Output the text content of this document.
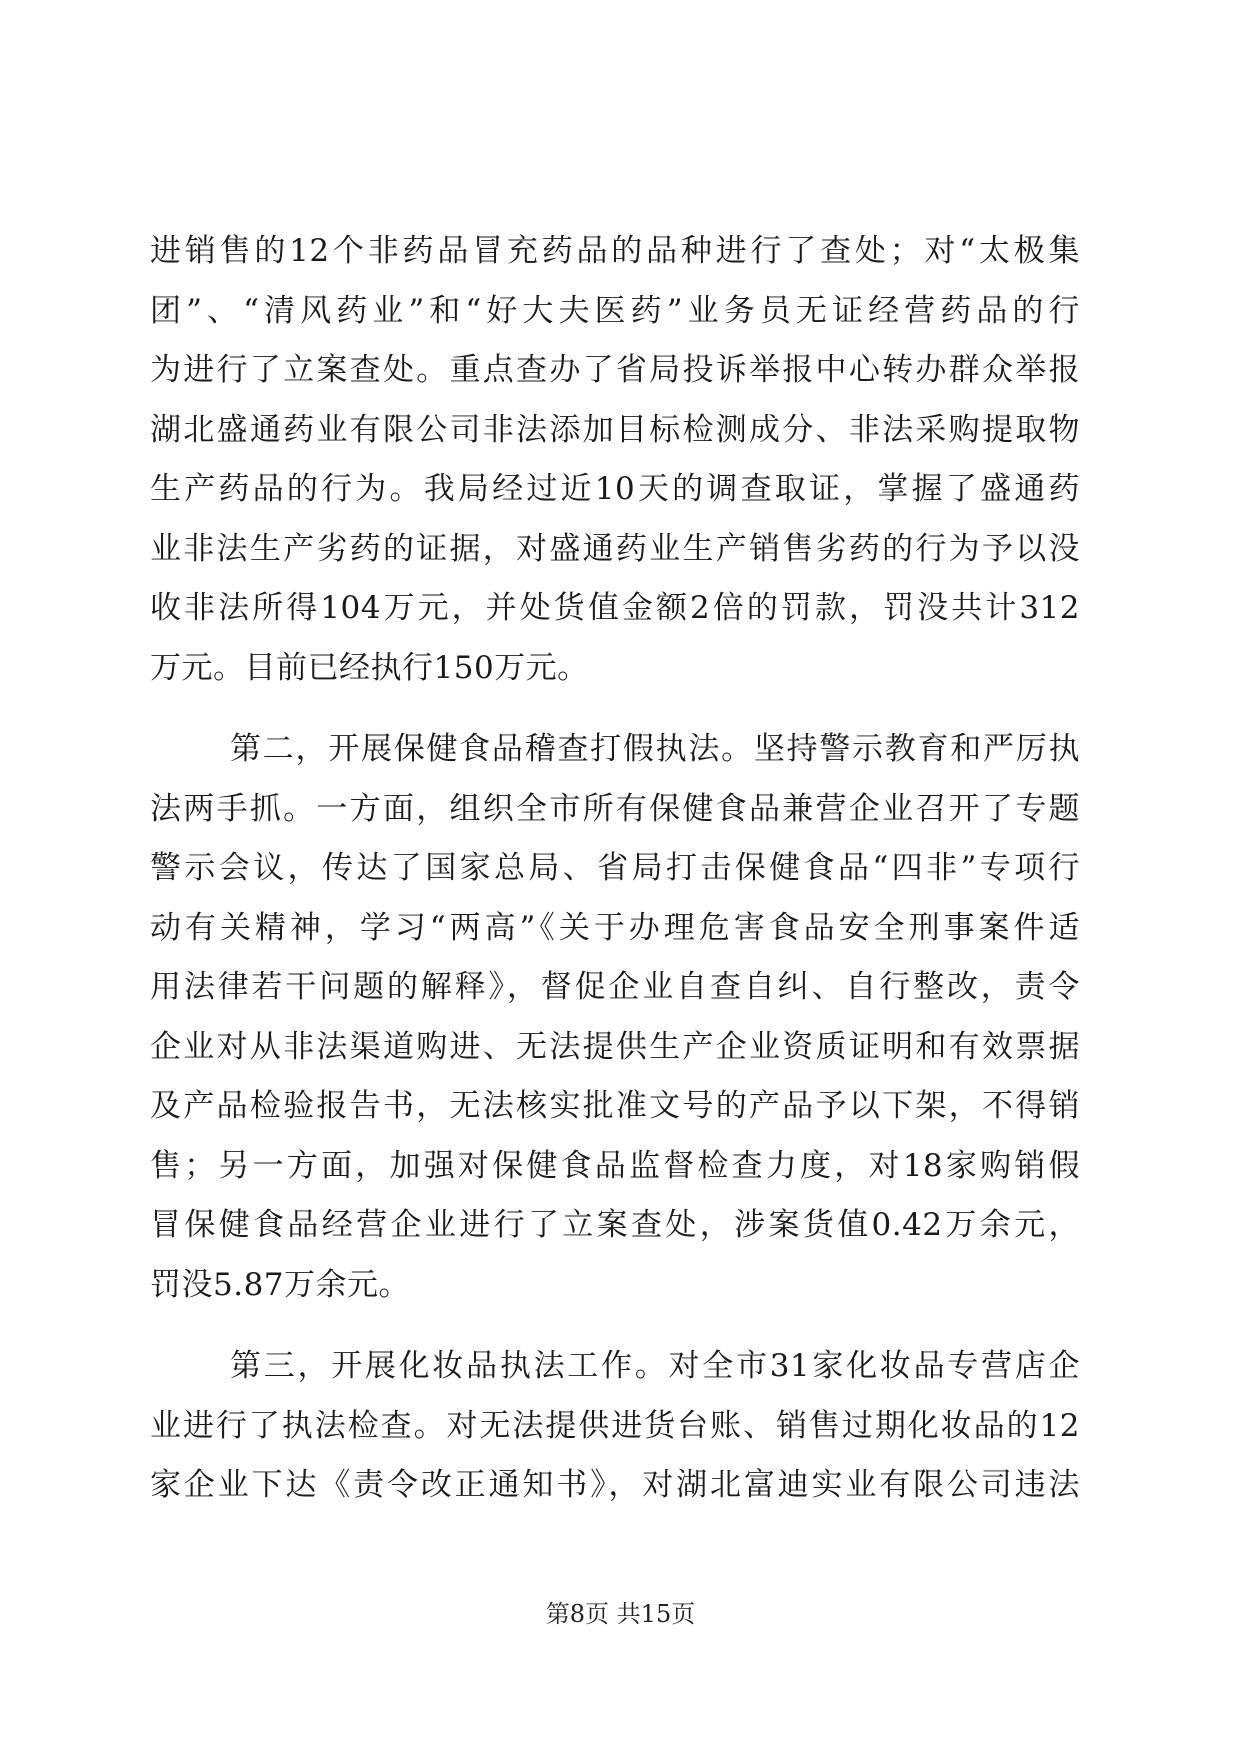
进销售的12个非药品冒充药品的品种进行了查处；对“太极集
团”、“清风药业”和“好大夫医药”业务员无证经营药品的行
为进行了立案查处。重点查办了省局投诉举报中心转办群众举报
湖北盛通药业有限公司非法添加目标检测成分、非法采购提取物
生产药品的行为。我局经过近10天的调查取证，掌握了盛通药
业非法生产劣药的证据，对盛通药业生产销售劣药的行为予以没
收非法所得104万元，并处货值金额2倍的罚款，罚没共计312
万元。目前已经执行150万元。
第二，开展保健食品稽查打假执法。坚持警示教育和严厉执
法两手抓。一方面，组织全市所有保健食品兼营企业召开了专题
警示会议，传达了国家总局、省局打击保健食品“四非”专项行
动有关精神，学习“两高”《关于办理危害食品安全刑事案件适
用法律若干问题的解释》，督促企业自查自纠、自行整改，责令
企业对从非法渠道购进、无法提供生产企业资质证明和有效票据
及产品检验报告书，无法核实批准文号的产品予以下架，不得销
售；另一方面，加强对保健食品监督检查力度，对18家购销假
冒保健食品经营企业进行了立案查处，涉案货值0.42万余元，
罚没5.87万余元。
第三，开展化妆品执法工作。对全市31家化妆品专营店企
业进行了执法检查。对无法提供进货台账、销售过期化妆品的12
家企业下达《责令改正通知书》，对湖北富迪实业有限公司违法
第8页 共15页
